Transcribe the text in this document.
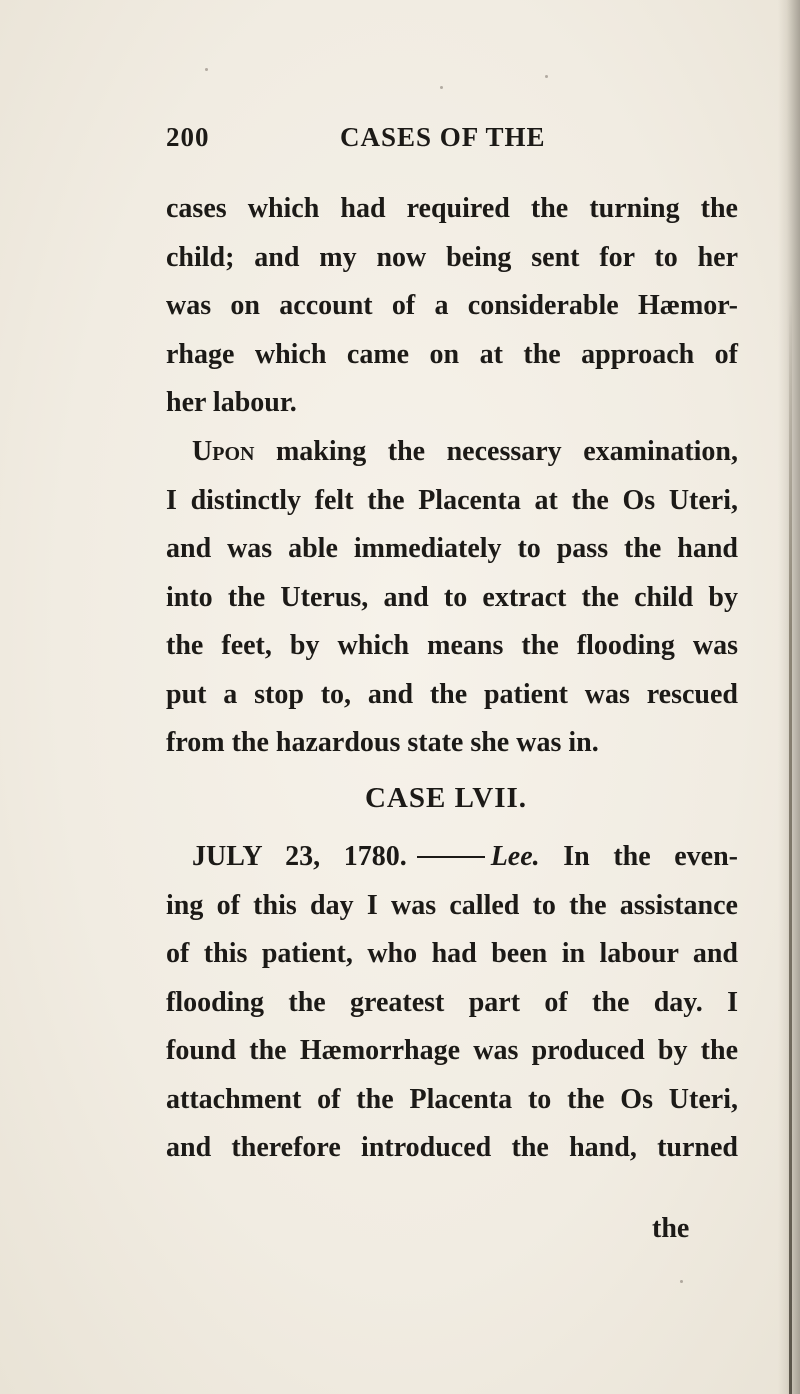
200	CASES OF THE
cases which had required the turning the
child; and my now being sent for to her
was on account of a considerable Hæmor-
rhage which came on at the approach of
her labour.
Upon making the necessary examination,
I distinctly felt the Placenta at the Os Uteri,
and was able immediately to pass the hand
into the Uterus, and to extract the child by
the feet, by which means the flooding was
put a stop to, and the patient was rescued
from the hazardous state she was in.
CASE LVII.
JULY 23, 1780.	Lee. In the even-
ing of this day I was called to the assistance
of this patient, who had been in labour and
flooding the greatest part of the day. I
found the Hæmorrhage was produced by the
attachment of the Placenta to the Os Uteri,
and therefore introduced the hand, turned
the
